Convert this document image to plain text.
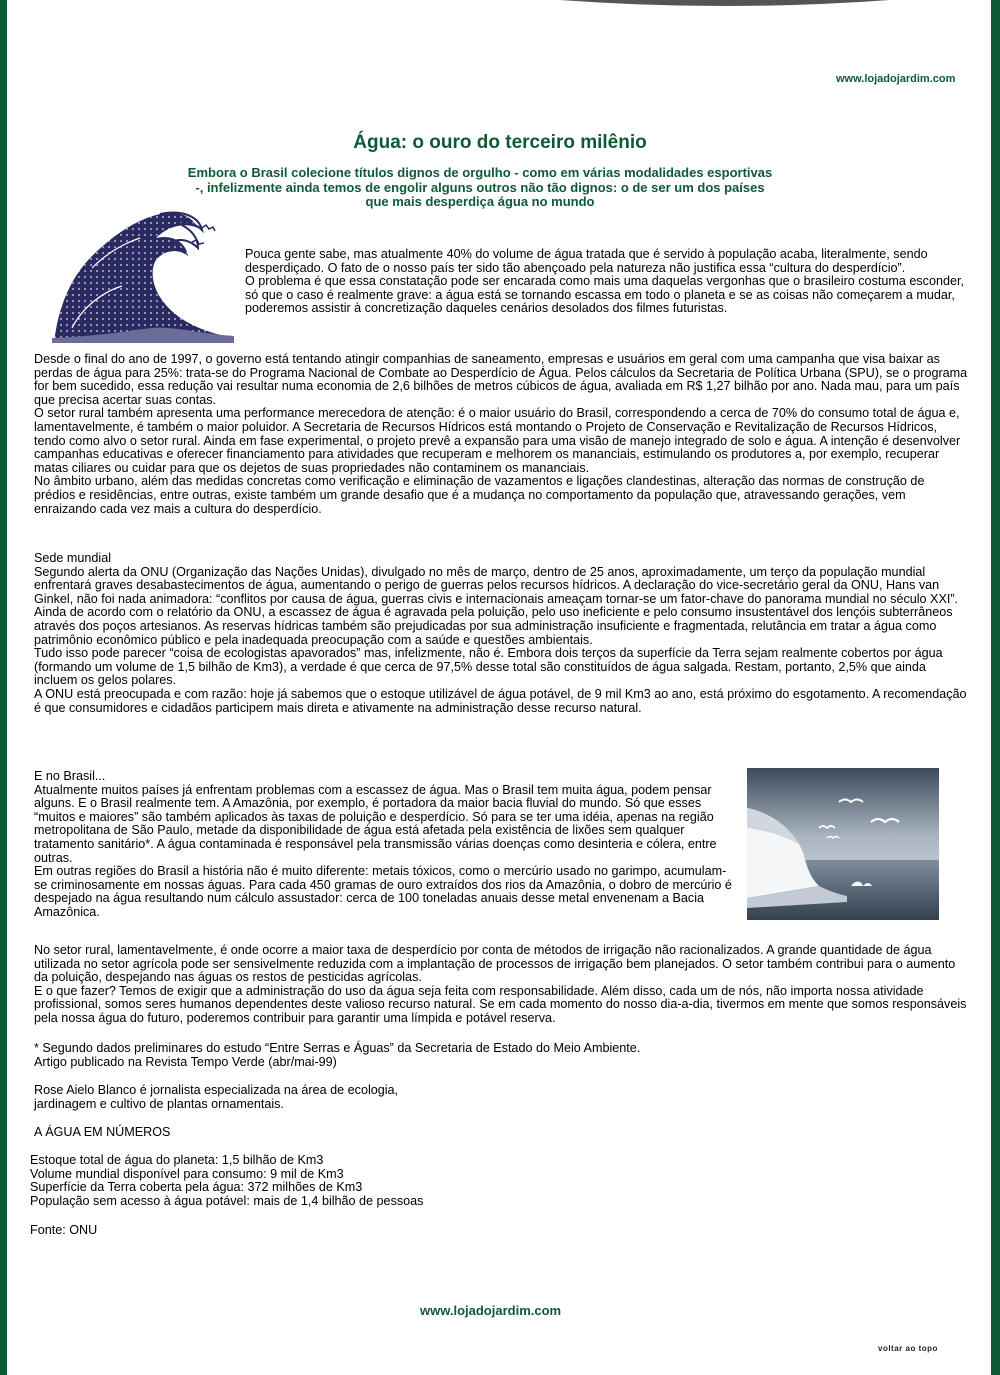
www.lojadojardim.com
Água: o ouro do terceiro milênio

Embora o Brasil colecione títulos dignos de orgulho - como em várias modalidades esportivas -, infelizmente ainda temos de engolir alguns outros não tão dignos: o de ser um dos países que mais desperdiça água no mundo

Pouca gente sabe, mas atualmente 40% do volume de água tratada que é servido à população acaba, literalmente, sendo desperdiçado. O fato de o nosso país ter sido tão abençoado pela natureza não justifica essa “cultura do desperdício”.

O problema é que essa constatação pode ser encarada como mais uma daquelas vergonhas que o brasileiro costuma esconder, só que o caso é realmente grave: a água está se tornando escassa em todo o planeta e se as coisas não começarem a mudar, poderemos assistir à concretização daqueles cenários desolados dos filmes futuristas.

Desde o final do ano de 1997, o governo está tentando atingir companhias de saneamento, empresas e usuários em geral com uma campanha que visa baixar as perdas de água para 25%: trata-se do Programa Nacional de Combate ao Desperdício de Água. Pelos cálculos da Secretaria de Política Urbana (SPU), se o programa for bem sucedido, essa redução vai resultar numa economia de 2,6 bilhões de metros cúbicos de água, avaliada em R$ 1,27 bilhão por ano. Nada mau, para um país que precisa acertar suas contas.

O setor rural também apresenta uma performance merecedora de atenção: é o maior usuário do Brasil, correspondendo a cerca de 70% do consumo total de água e, lamentavelmente, é também o maior poluidor. A Secretaria de Recursos Hídricos está montando o Projeto de Conservação e Revitalização de Recursos Hídricos, tendo como alvo o setor rural. Ainda em fase experimental, o projeto prevê a expansão para uma visão de manejo integrado de solo e água. A intenção é desenvolver campanhas educativas e oferecer financiamento para atividades que recuperam e melhorem os mananciais, estimulando os produtores a, por exemplo, recuperar matas ciliares ou cuidar para que os dejetos de suas propriedades não contaminem os mananciais.

No âmbito urbano, além das medidas concretas como verificação e eliminação de vazamentos e ligações clandestinas, alteração das normas de construção de prédios e residências, entre outras, existe também um grande desafio que é a mudança no comportamento da população que, atravessando gerações, vem enraizando cada vez mais a cultura do desperdício.

Sede mundial

Segundo alerta da ONU (Organização das Nações Unidas), divulgado no mês de março, dentro de 25 anos, aproximadamente, um terço da população mundial enfrentará graves desabastecimentos de água, aumentando o perigo de guerras pelos recursos hídricos. A declaração do vice-secretário geral da ONU, Hans van Ginkel, não foi nada animadora: “conflitos por causa de água, guerras civis e internacionais ameaçam tornar-se um fator-chave do panorama mundial no século XXI”.

Ainda de acordo com o relatório da ONU, a escassez de água é agravada pela poluição, pelo uso ineficiente e pelo consumo insustentável dos lençóis subterrâneos através dos poços artesianos. As reservas hídricas também são prejudicadas por sua administração insuficiente e fragmentada, relutância em tratar a água como patrimônio econômico público e pela inadequada preocupação com a saúde e questões ambientais.

Tudo isso pode parecer “coisa de ecologistas apavorados” mas, infelizmente, não é. Embora dois terços da superfície da Terra sejam realmente cobertos por água (formando um volume de 1,5 bilhão de Km3), a verdade é que cerca de 97,5% desse total são constituídos de água salgada. Restam, portanto, 2,5% que ainda incluem os gelos polares.

A ONU está preocupada e com razão: hoje já sabemos que o estoque utilizável de água potável, de 9 mil Km3 ao ano, está próximo do esgotamento. A recomendação é que consumidores e cidadãos participem mais direta e ativamente na administração desse recurso natural.

E no Brasil...

Atualmente muitos países já enfrentam problemas com a escassez de água. Mas o Brasil tem muita água, podem pensar alguns. E o Brasil realmente tem. A Amazônia, por exemplo, é portadora da maior bacia fluvial do mundo. Só que esses “muitos e maiores” são também aplicados às taxas de poluição e desperdício. Só para se ter uma idéia, apenas na região metropolitana de São Paulo, metade da disponibilidade de água está afetada pela existência de lixões sem qualquer tratamento sanitário*. A água contaminada é responsável pela transmissão várias doenças como desinteria e cólera, entre outras.

Em outras regiões do Brasil a história não é muito diferente: metais tóxicos, como o mercúrio usado no garimpo, acumulam-se criminosamente em nossas águas. Para cada 450 gramas de ouro extraídos dos rios da Amazônia, o dobro de mercúrio é despejado na água resultando num cálculo assustador: cerca de 100 toneladas anuais desse metal envenenam a Bacia Amazônica.

No setor rural, lamentavelmente, é onde ocorre a maior taxa de desperdício por conta de métodos de irrigação não racionalizados. A grande quantidade de água utilizada no setor agrícola pode ser sensivelmente reduzida com a implantação de processos de irrigação bem planejados. O setor também contribui para o aumento da poluição, despejando nas águas os restos de pesticidas agrícolas.

E o que fazer? Temos de exigir que a administração do uso da água seja feita com responsabilidade. Além disso, cada um de nós, não importa nossa atividade profissional, somos seres humanos dependentes deste valioso recurso natural. Se em cada momento do nosso dia-a-dia, tivermos em mente que somos responsáveis pela nossa água do futuro, poderemos contribuir para garantir uma límpida e potável reserva.

* Segundo dados preliminares do estudo “Entre Serras e Águas” da Secretaria de Estado do Meio Ambiente.

Artigo publicado na Revista Tempo Verde (abr/mai-99)

Rose Aielo Blanco é jornalista especializada na área de ecologia,

jardinagem e cultivo de plantas ornamentais.

A ÁGUA EM NÚMEROS

Estoque total de água do planeta: 1,5 bilhão de Km3

Volume mundial disponível para consumo: 9 mil de Km3

Superfície da Terra coberta pela água: 372 milhões de Km3

População sem acesso à água potável: mais de 1,4 bilhão de pessoas

Fonte: ONU

www.lojadojardim.com
voltar ao topo
